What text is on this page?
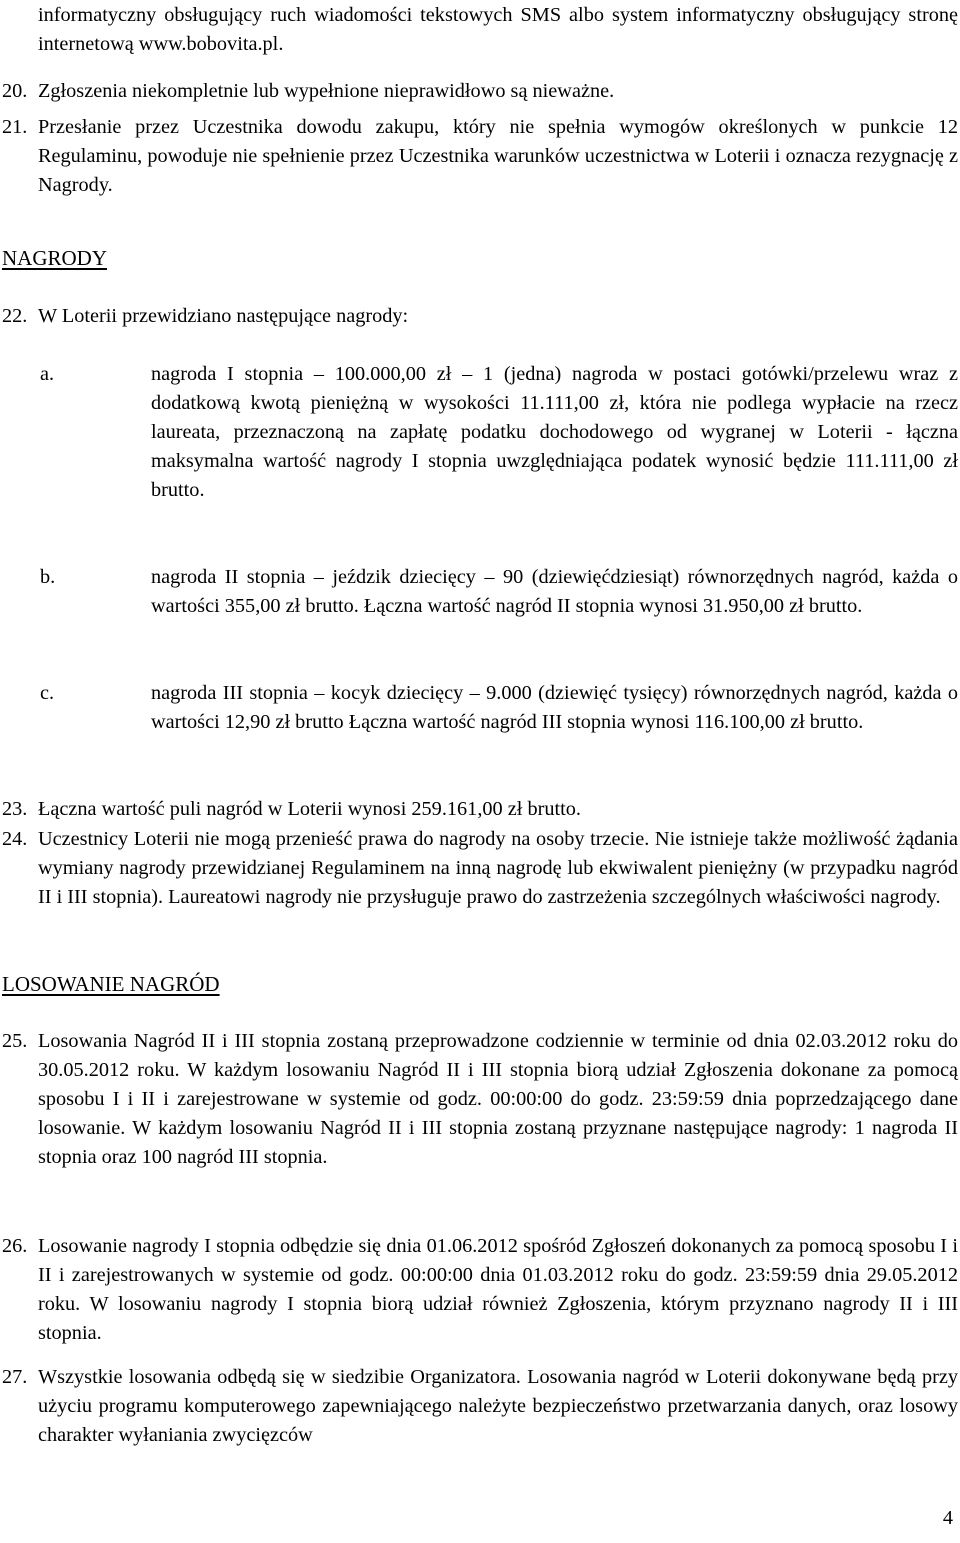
informatyczny obsługujący ruch wiadomości tekstowych SMS albo system informatyczny obsługujący stronę internetową www.bobovita.pl.

20. Zgłoszenia niekompletnie lub wypełnione nieprawidłowo są nieważne.

21. Przesłanie przez Uczestnika dowodu zakupu, który nie spełnia wymogów określonych w punkcie 12 Regulaminu, powoduje nie spełnienie przez Uczestnika warunków uczestnictwa w Loterii i oznacza rezygnację z Nagrody.

NAGRODY
22. W Loterii przewidziano następujące nagrody:

a.	nagroda I stopnia – 100.000,00 zł – 1 (jedna) nagroda w postaci gotówki/przelewu wraz z dodatkową kwotą pieniężną w wysokości 11.111,00 zł, która nie podlega wypłacie na rzecz laureata, przeznaczoną na zapłatę podatku dochodowego od wygranej w Loterii - łączna maksymalna wartość nagrody I stopnia uwzględniająca podatek wynosić będzie 111.111,00 zł brutto.

b.	nagroda II stopnia – jeździk dziecięcy – 90 (dziewięćdziesiąt) równorzędnych nagród, każda o wartości 355,00 zł brutto. Łączna wartość nagród II stopnia wynosi 31.950,00 zł brutto.

c.	nagroda III stopnia – kocyk dziecięcy – 9.000 (dziewięć tysięcy) równorzędnych nagród, każda o wartości 12,90 zł brutto Łączna wartość nagród III stopnia wynosi 116.100,00 zł brutto.

23. Łączna wartość puli nagród w Loterii wynosi 259.161,00 zł brutto.

24. Uczestnicy Loterii nie mogą przenieść prawa do nagrody na osoby trzecie. Nie istnieje także możliwość żądania wymiany nagrody przewidzianej Regulaminem na inną nagrodę lub ekwiwalent pieniężny (w przypadku nagród II i III stopnia). Laureatowi nagrody nie przysługuje prawo do zastrzeżenia szczególnych właściwości nagrody.

LOSOWANIE NAGRÓD
25. Losowania Nagród II i III stopnia zostaną przeprowadzone codziennie w terminie od dnia 02.03.2012 roku do 30.05.2012 roku. W każdym losowaniu Nagród II i III stopnia biorą udział Zgłoszenia dokonane za pomocą sposobu I i II i zarejestrowane w systemie od godz. 00:00:00 do godz. 23:59:59 dnia poprzedzającego dane losowanie. W każdym losowaniu Nagród II i III stopnia zostaną przyznane następujące nagrody: 1 nagroda II stopnia oraz 100 nagród III stopnia.

26. Losowanie nagrody I stopnia odbędzie się dnia 01.06.2012 spośród Zgłoszeń dokonanych za pomocą sposobu I i II i zarejestrowanych w systemie od godz. 00:00:00 dnia 01.03.2012 roku do godz. 23:59:59 dnia 29.05.2012 roku. W losowaniu nagrody I stopnia biorą udział również Zgłoszenia, którym przyznano nagrody II i III stopnia.

27. Wszystkie losowania odbędą się w siedzibie Organizatora. Losowania nagród w Loterii dokonywane będą przy użyciu programu komputerowego zapewniającego należyte bezpieczeństwo przetwarzania danych, oraz losowy charakter wyłaniania zwycięzców

4
